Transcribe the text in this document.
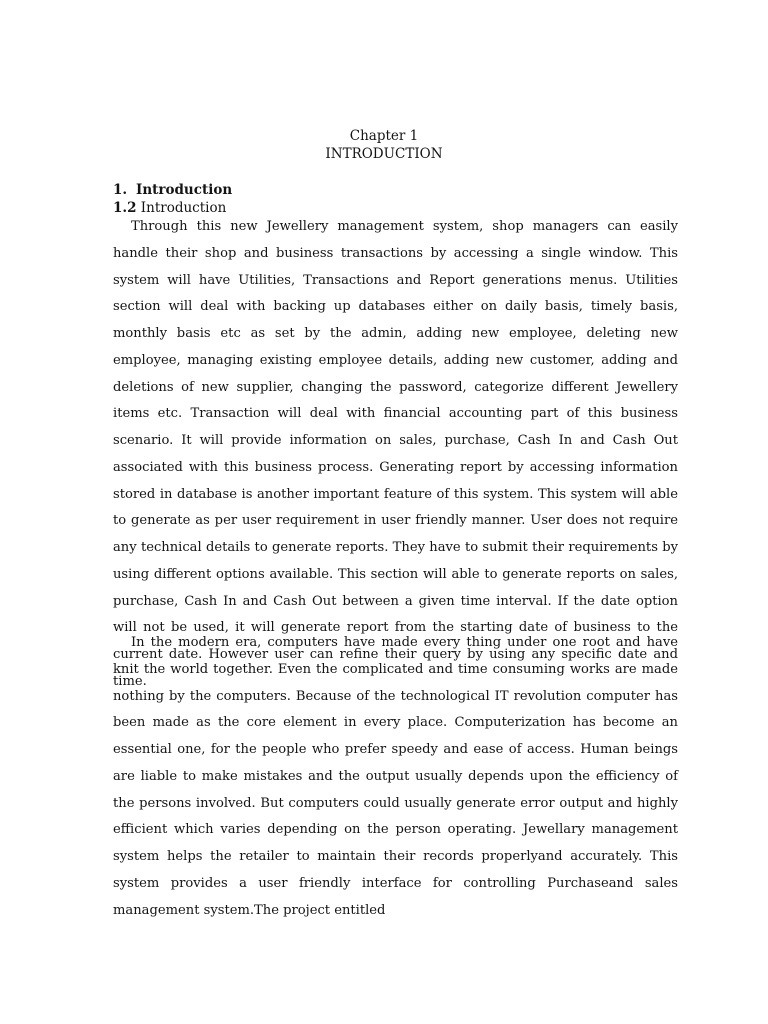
Chapter 1
INTRODUCTION
1. Introduction
1.2 Introduction

Through this new Jewellery management system, shop managers can easily handle their shop and business transactions by accessing a single window. This system will have Utilities, Transactions and Report generations menus. Utilities section will deal with backing up databases either on daily basis, timely basis, monthly basis etc as set by the admin, adding new employee, deleting new employee, managing existing employee details, adding new customer, adding and deletions of new supplier, changing the password, categorize different Jewellery items etc. Transaction will deal with financial accounting part of this business scenario. It will provide information on sales, purchase, Cash In and Cash Out associated with this business process. Generating report by accessing information stored in database is another important feature of this system. This system will able to generate as per user requirement in user friendly manner. User does not require any technical details to generate reports. They have to submit their requirements by using different options available. This section will able to generate reports on sales, purchase, Cash In and Cash Out between a given time interval. If the date option will not be used, it will generate report from the starting date of business to the current date. However user can refine their query by using any specific date and time.

In the modern era, computers have made every thing under one root and have knit the world together. Even the complicated and time consuming works are made nothing by the computers. Because of the technological IT revolution computer has been made as the core element in every place. Computerization has become an essential one, for the people who prefer speedy and ease of access. Human beings are liable to make mistakes and the output usually depends upon the efficiency of the persons involved. But computers could usually generate error output and highly efficient which varies depending on the person operating. Jewellary management system helps the retailer to maintain their records properlyand accurately. This system provides a user friendly interface for controlling Purchaseand sales management system.The project entitled
